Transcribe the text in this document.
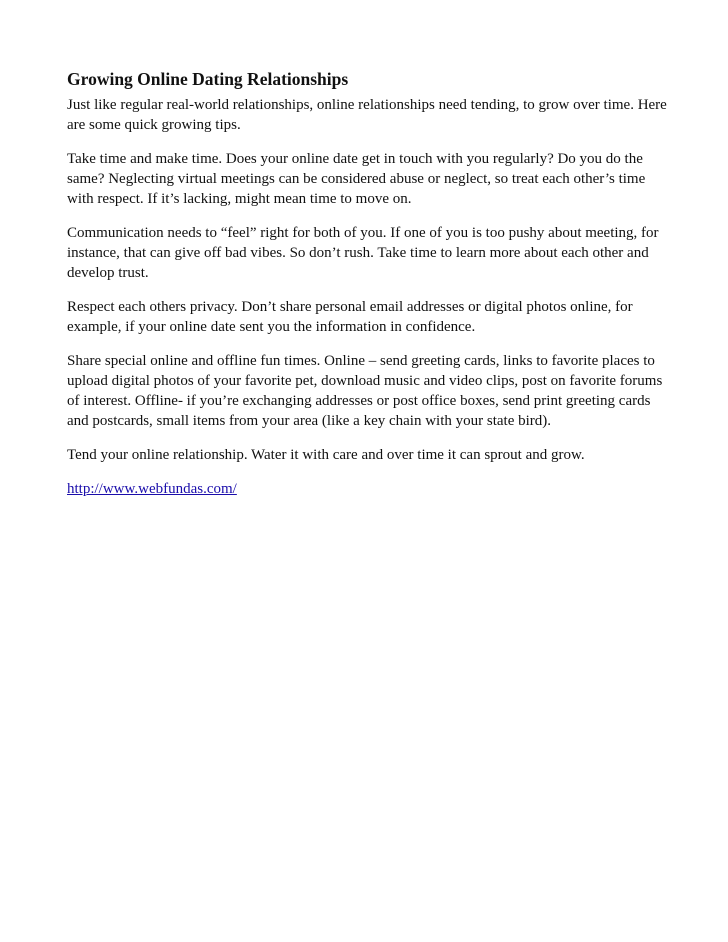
Growing Online Dating Relationships

Just like regular real-world relationships, online relationships need tending, to grow over time. Here are some quick growing tips.

Take time and make time. Does your online date get in touch with you regularly? Do you do the same? Neglecting virtual meetings can be considered abuse or neglect, so treat each other’s time with respect. If it’s lacking, might mean time to move on.

Communication needs to “feel” right for both of you. If one of you is too pushy about meeting, for instance, that can give off bad vibes. So don’t rush. Take time to learn more about each other and develop trust.

Respect each others privacy. Don’t share personal email addresses or digital photos online, for example, if your online date sent you the information in confidence.

Share special online and offline fun times. Online – send greeting cards, links to favorite places to upload digital photos of your favorite pet, download music and video clips, post on favorite forums of interest. Offline- if you’re exchanging addresses or post office boxes, send print greeting cards and postcards, small items from your area (like a key chain with your state bird).

Tend your online relationship. Water it with care and over time it can sprout and grow.

http://www.webfundas.com/
